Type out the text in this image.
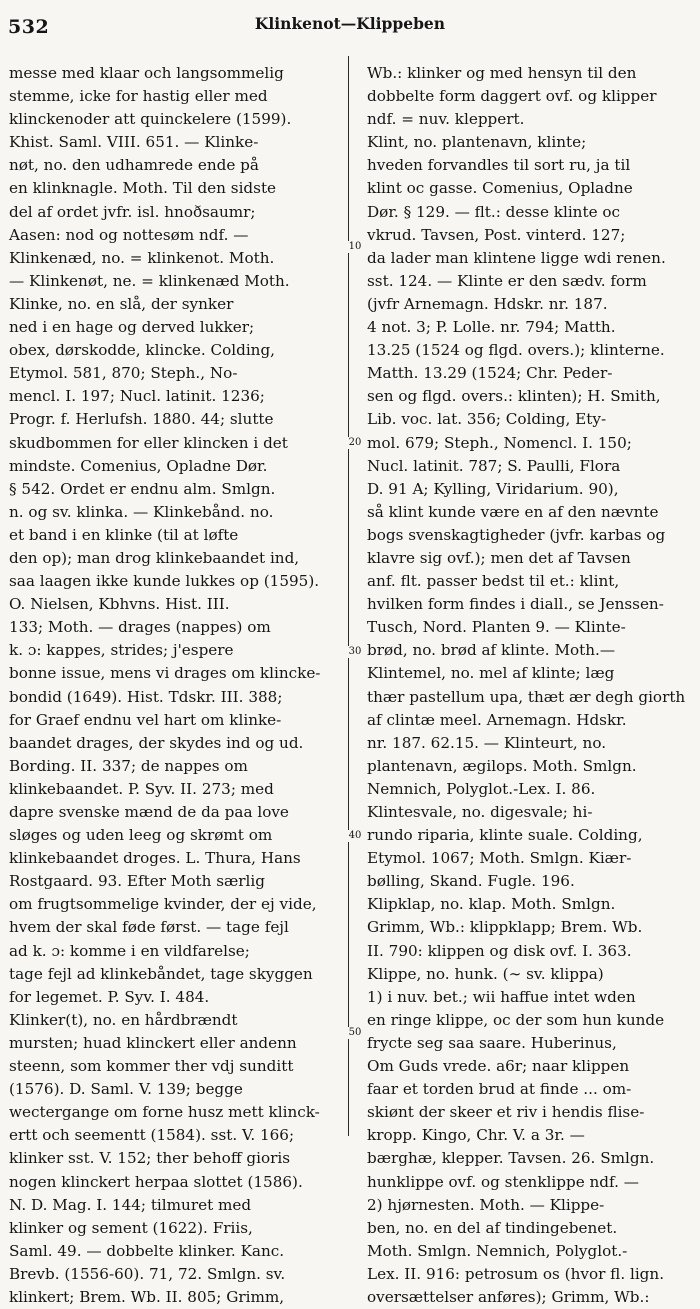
532	Klinkenot—Klippeben
messe med klaar och langsommelig
stemme, icke for hastig eller med
klinckenoder att quinckelere (1599).
Khist. Saml. VIII. 651. — Klinke-
nøt, no. den udhamrede ende på
en klinknagle. Moth. Til den sidste
del af ordet jvfr. isl. hnoðsaumr;
Aasen: nod og nottesøm ndf. —
Klinkenæd, no. = klinkenot. Moth.
— Klinkenøt, ne. = klinkenæd Moth.
Klinke, no. en slå, der synker
ned i en hage og derved lukker;
obex, dørskodde, klincke. Colding,
Etymol. 581, 870; Steph., No-
mencl. I. 197; Nucl. latinit. 1236;
Progr. f. Herlufsh. 1880. 44; slutte
skudbommen for eller klincken i det
mindste. Comenius, Opladne Dør.
§ 542. Ordet er endnu alm. Smlgn.
n. og sv. klinka. — Klinkebånd. no.
et band i en klinke (til at løfte
den op); man drog klinkebaandet ind,
saa laagen ikke kunde lukkes op (1595).
O. Nielsen, Kbhvns. Hist. III.
133; Moth. — drages (nappes) om
k. ɔ: kappes, strides; j'espere
bonne issue, mens vi drages om klincke-
bondid (1649). Hist. Tdskr. III. 388;
for Graef endnu vel hart om klinke-
baandet drages, der skydes ind og ud.
Bording. II. 337; de nappes om
klinkebaandet. P. Syv. II. 273; med
dapre svenske mænd de da paa love
sløges og uden leeg og skrømt om
klinkebaandet droges. L. Thura, Hans
Rostgaard. 93. Efter Moth særlig
om frugtsommelige kvinder, der ej vide,
hvem der skal føde først. — tage fejl
ad k. ɔ: komme i en vildfarelse;
tage fejl ad klinkebåndet, tage skyggen
for legemet. P. Syv. I. 484.
Klinker(t), no. en hårdbrændt
mursten; huad klinckert eller andenn
steenn, som kommer ther vdj sunditt
(1576). D. Saml. V. 139; begge
wectergange om forne husz mett klinck-
ertt och seementt (1584). sst. V. 166;
klinker sst. V. 152; ther behoff gioris
nogen klinckert herpaa slottet (1586).
N. D. Mag. I. 144; tilmuret med
klinker og sement (1622). Friis,
Saml. 49. — dobbelte klinker. Kanc.
Brevb. (1556-60). 71, 72. Smlgn. sv.
klinkert; Brem. Wb. II. 805; Grimm,
Wb.: klinker og med hensyn til den
dobbelte form daggert ovf. og klipper
ndf. = nuv. kleppert.
Klint, no. plantenavn, klinte;
hveden forvandles til sort ru, ja til
klint oc gasse. Comenius, Opladne
Dør. § 129. — flt.: desse klinte oc
vkrud. Tavsen, Post. vinterd. 127;
da lader man klintene ligge wdi renen.
sst. 124. — Klinte er den sædv. form
(jvfr Arnemagn. Hdskr. nr. 187.
4 not. 3; P. Lolle. nr. 794; Matth.
13.25 (1524 og flgd. overs.); klinterne.
Matth. 13.29 (1524; Chr. Peder-
sen og flgd. overs.: klinten); H. Smith,
Lib. voc. lat. 356; Colding, Ety-
mol. 679; Steph., Nomencl. I. 150;
Nucl. latinit. 787; S. Paulli, Flora
D. 91 A; Kylling, Viridarium. 90),
så klint kunde være en af den nævnte
bogs svenskagtigheder (jvfr. karbas og
klavre sig ovf.); men det af Tavsen
anf. flt. passer bedst til et.: klint,
hvilken form findes i diall., se Jenssen-
Tusch, Nord. Planten 9. — Klinte-
brød, no. brød af klinte. Moth.—
Klintemel, no. mel af klinte; læg
thær pastellum upa, thæt ær degh giorth
af clintæ meel. Arnemagn. Hdskr.
nr. 187. 62.15. — Klinteurt, no.
plantenavn, ægilops. Moth. Smlgn.
Nemnich, Polyglot.-Lex. I. 86.
Klintesvale, no. digesvale; hi-
rundo riparia, klinte suale. Colding,
Etymol. 1067; Moth. Smlgn. Kiær-
bølling, Skand. Fugle. 196.
Klipklap, no. klap. Moth. Smlgn.
Grimm, Wb.: klippklapp; Brem. Wb.
II. 790: klippen og disk ovf. I. 363.
Klippe, no. hunk. (∼ sv. klippa)
1) i nuv. bet.; wii haffue intet wden
en ringe klippe, oc der som hun kunde
frycte seg saa saare. Huberinus,
Om Guds vrede. a6r; naar klippen
faar et torden brud at finde ... om-
skiønt der skeer et riv i hendis flise-
kropp. Kingo, Chr. V. a 3r. —
bærghæ, klepper. Tavsen. 26. Smlgn.
hunklippe ovf. og stenklippe ndf. —
2) hjørnesten. Moth. — Klippe-
ben, no. en del af tindingebenet.
Moth. Smlgn. Nemnich, Polyglot.-
Lex. II. 916: petrosum os (hvor fl. lign.
oversættelser anføres); Grimm, Wb.:
10
20
30
40
50
